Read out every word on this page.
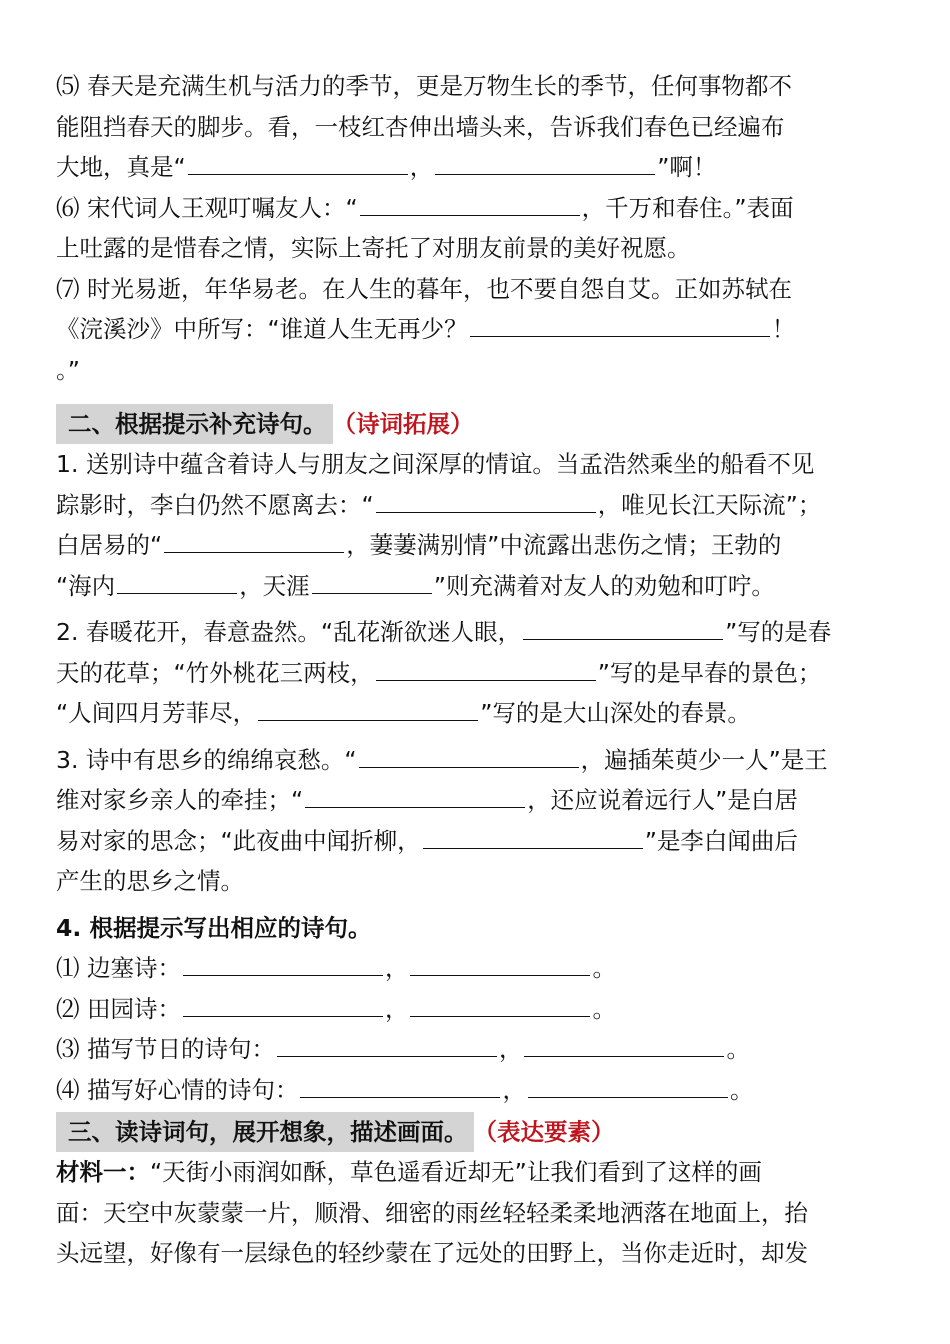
⑸ 春天是充满生机与活力的季节，更是万物生长的季节，任何事物都不
能阻挡春天的脚步。看，一枝红杏伸出墙头来，告诉我们春色已经遍布
大地，真是“	，	”啊！
⑹ 宋代词人王观叮嘱友人：“	，千万和春住。”表面
上吐露的是惜春之情，实际上寄托了对朋友前景的美好祝愿。
⑺ 时光易逝，年华易老。在人生的暮年，也不要自怨自艾。正如苏轼在
《浣溪沙》中所写：“谁道人生无再少？	！
。”
二、根据提示补充诗句。 （诗词拓展）
1. 送别诗中蕴含着诗人与朋友之间深厚的情谊。当孟浩然乘坐的船看不见
踪影时，李白仍然不愿离去：“	，唯见长江天际流”；
白居易的“	，萋萋满别情”中流露出悲伤之情；王勃的
“海内	，天涯	”则充满着对友人的劝勉和叮咛。
2. 春暖花开，春意盎然。“乱花渐欲迷人眼，	”写的是春
天的花草；“竹外桃花三两枝，	”写的是早春的景色；
“人间四月芳菲尽，	”写的是大山深处的春景。
3. 诗中有思乡的绵绵哀愁。“	，遍插茱萸少一人”是王
维对家乡亲人的牵挂；“	，还应说着远行人”是白居
易对家的思念；“此夜曲中闻折柳，	”是李白闻曲后
产生的思乡之情。
4. 根据提示写出相应的诗句。
⑴ 边塞诗：	，	。
⑵ 田园诗：	，	。
⑶ 描写节日的诗句：	，	。
⑷ 描写好心情的诗句：	，	。
三、读诗词句，展开想象，描述画面。 （表达要素）
材料一：“天街小雨润如酥，草色遥看近却无”让我们看到了这样的画
面：天空中灰蒙蒙一片，顺滑、细密的雨丝轻轻柔柔地洒落在地面上，抬
头远望，好像有一层绿色的轻纱蒙在了远处的田野上，当你走近时，却发
